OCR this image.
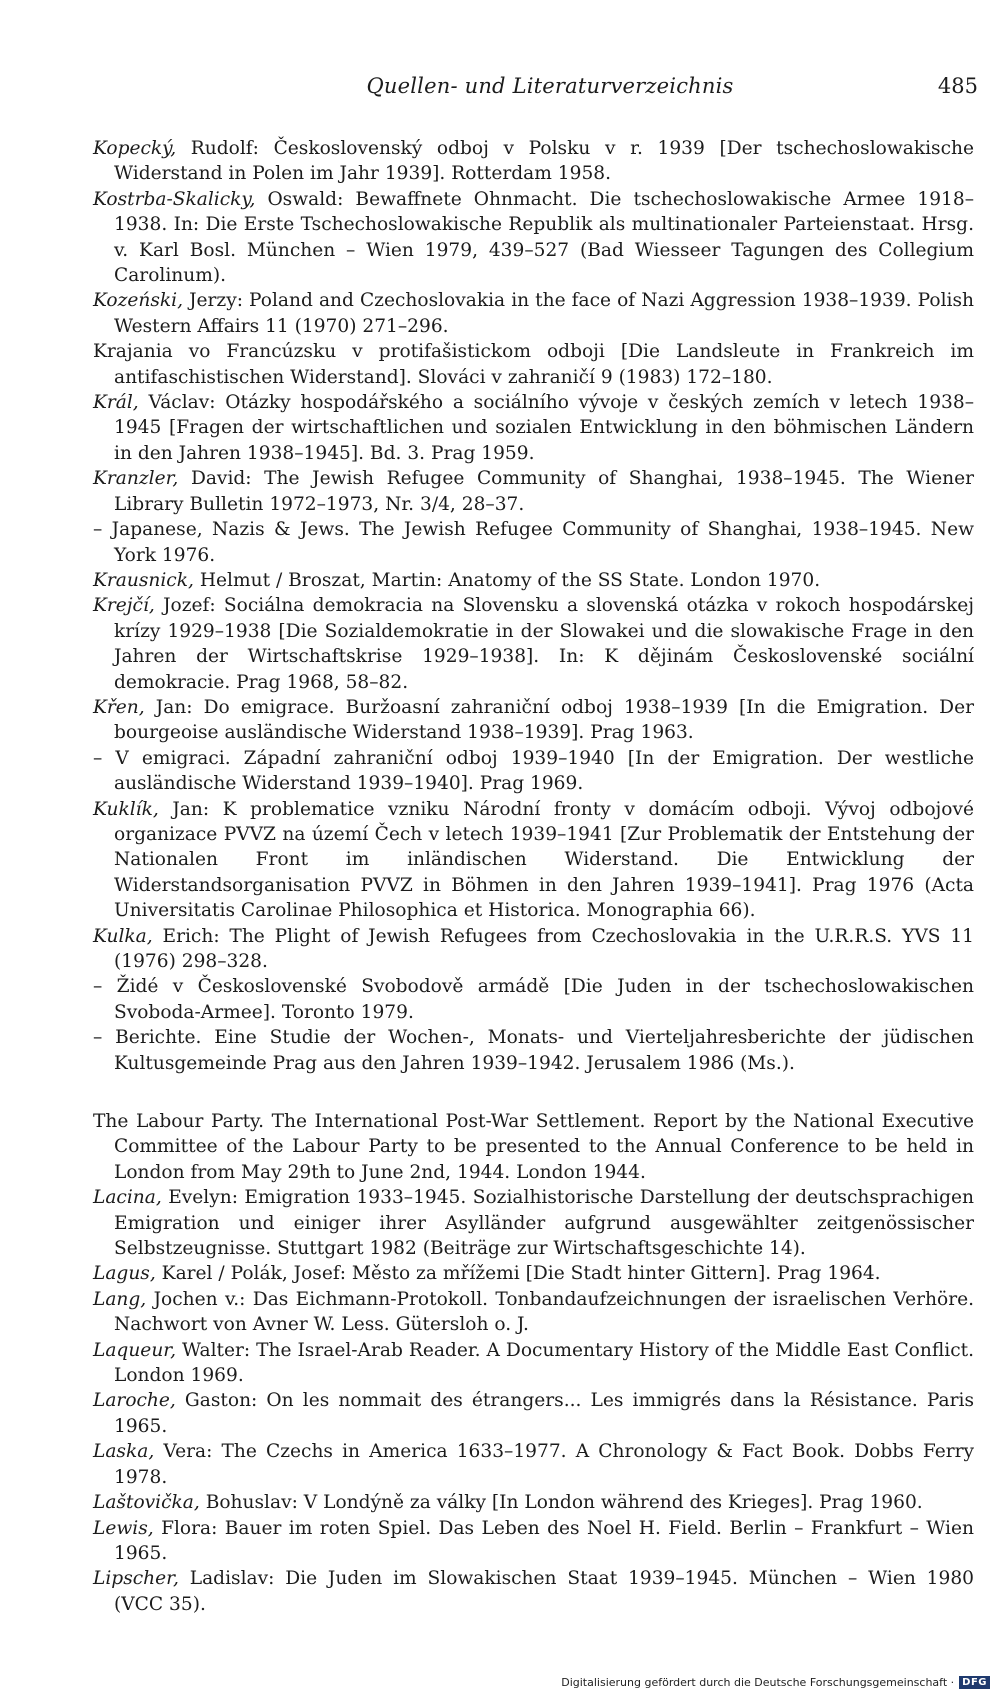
Quellen- und Literaturverzeichnis	485

Kopecký, Rudolf: Československý odboj v Polsku v r. 1939 [Der tschechoslowakische Widerstand in Polen im Jahr 1939]. Rotterdam 1958.

Kostrba-Skalicky, Oswald: Bewaffnete Ohnmacht. Die tschechoslowakische Armee 1918–1938. In: Die Erste Tschechoslowakische Republik als multinationaler Parteienstaat. Hrsg. v. Karl Bosl. München – Wien 1979, 439–527 (Bad Wiesseer Tagungen des Collegium Carolinum).

Kozeński, Jerzy: Poland and Czechoslovakia in the face of Nazi Aggression 1938–1939. Polish Western Affairs 11 (1970) 271–296.

Krajania vo Francúzsku v protifašistickom odboji [Die Landsleute in Frankreich im antifaschistischen Widerstand]. Slováci v zahraničí 9 (1983) 172–180.

Král, Václav: Otázky hospodářského a sociálního vývoje v českých zemích v letech 1938–1945 [Fragen der wirtschaftlichen und sozialen Entwicklung in den böhmischen Ländern in den Jahren 1938–1945]. Bd. 3. Prag 1959.

Kranzler, David: The Jewish Refugee Community of Shanghai, 1938–1945. The Wiener Library Bulletin 1972–1973, Nr. 3/4, 28–37.

– Japanese, Nazis & Jews. The Jewish Refugee Community of Shanghai, 1938–1945. New York 1976.

Krausnick, Helmut / Broszat, Martin: Anatomy of the SS State. London 1970.

Krejčí, Jozef: Sociálna demokracia na Slovensku a slovenská otázka v rokoch hospodárskej krízy 1929–1938 [Die Sozialdemokratie in der Slowakei und die slowakische Frage in den Jahren der Wirtschaftskrise 1929–1938]. In: K dějinám Československé sociální demokracie. Prag 1968, 58–82.

Křen, Jan: Do emigrace. Buržoasní zahraniční odboj 1938–1939 [In die Emigration. Der bourgeoise ausländische Widerstand 1938–1939]. Prag 1963.

– V emigraci. Západní zahraniční odboj 1939–1940 [In der Emigration. Der westliche ausländische Widerstand 1939–1940]. Prag 1969.

Kuklík, Jan: K problematice vzniku Národní fronty v domácím odboji. Vývoj odbojové organizace PVVZ na území Čech v letech 1939–1941 [Zur Problematik der Entstehung der Nationalen Front im inländischen Widerstand. Die Entwicklung der Widerstandsorganisation PVVZ in Böhmen in den Jahren 1939–1941]. Prag 1976 (Acta Universitatis Carolinae Philosophica et Historica. Monographia 66).

Kulka, Erich: The Plight of Jewish Refugees from Czechoslovakia in the U.R.R.S. YVS 11 (1976) 298–328.

– Židé v Československé Svobodově armádě [Die Juden in der tschechoslowakischen Svoboda-Armee]. Toronto 1979.

– Berichte. Eine Studie der Wochen-, Monats- und Vierteljahresberichte der jüdischen Kultusgemeinde Prag aus den Jahren 1939–1942. Jerusalem 1986 (Ms.).

The Labour Party. The International Post-War Settlement. Report by the National Executive Committee of the Labour Party to be presented to the Annual Conference to be held in London from May 29th to June 2nd, 1944. London 1944.

Lacina, Evelyn: Emigration 1933–1945. Sozialhistorische Darstellung der deutschsprachigen Emigration und einiger ihrer Asylländer aufgrund ausgewählter zeitgenössischer Selbstzeugnisse. Stuttgart 1982 (Beiträge zur Wirtschaftsgeschichte 14).

Lagus, Karel / Polák, Josef: Město za mřížemi [Die Stadt hinter Gittern]. Prag 1964.

Lang, Jochen v.: Das Eichmann-Protokoll. Tonbandaufzeichnungen der israelischen Verhöre. Nachwort von Avner W. Less. Gütersloh o. J.

Laqueur, Walter: The Israel-Arab Reader. A Documentary History of the Middle East Conflict. London 1969.

Laroche, Gaston: On les nommait des étrangers... Les immigrés dans la Résistance. Paris 1965.

Laska, Vera: The Czechs in America 1633–1977. A Chronology & Fact Book. Dobbs Ferry 1978.

Laštovička, Bohuslav: V Londýně za války [In London während des Krieges]. Prag 1960.

Lewis, Flora: Bauer im roten Spiel. Das Leben des Noel H. Field. Berlin – Frankfurt – Wien 1965.

Lipscher, Ladislav: Die Juden im Slowakischen Staat 1939–1945. München – Wien 1980 (VCC 35).

Digitalisierung gefördert durch die Deutsche Forschungsgemeinschaft · DFG
